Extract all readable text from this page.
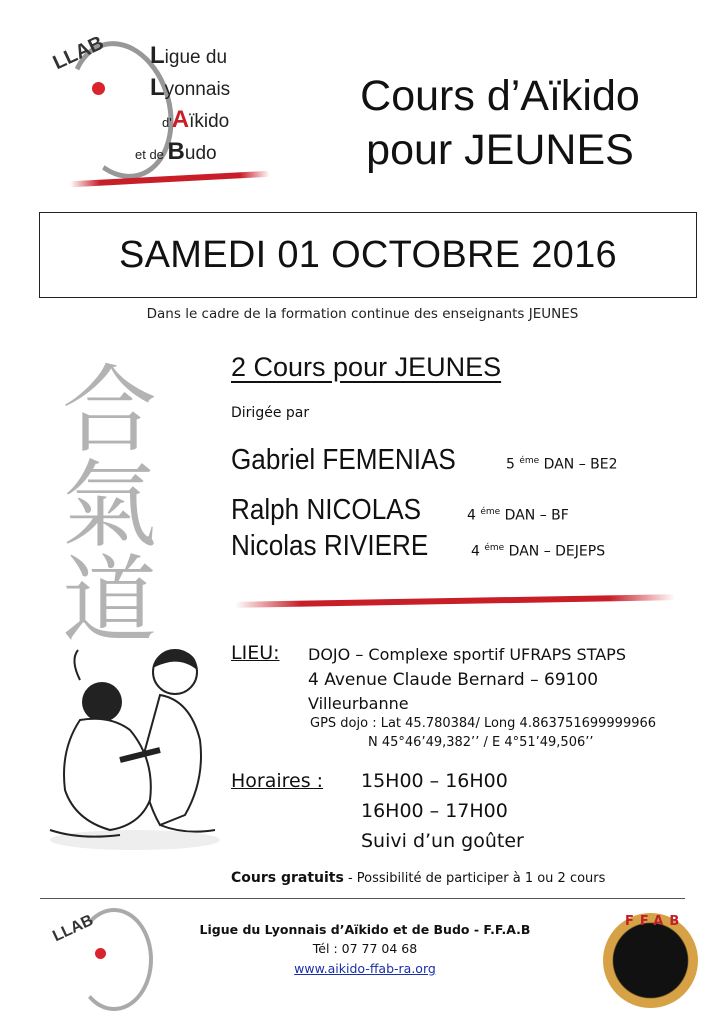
LLAB Ligue du
Lyonnais
d'Aïkido
et de Budo
Cours d’Aïkido
pour JEUNES
SAMEDI 01 OCTOBRE 2016
Dans le cadre de la formation continue des enseignants JEUNES
合
氣
道
2 Cours pour JEUNES
Dirigée par
Gabriel FEMENIAS	5 $^{éme}$ DAN – BE2
Ralph NICOLAS	4 $^{éme}$ DAN – BF
Nicolas RIVIERE	4 $^{éme}$ DAN – DEJEPS
LIEU: DOJO – Complexe sportif UFRAPS STAPS
4 Avenue Claude Bernard – 69100
Villeurbanne
GPS dojo : Lat 45.780384/ Long 4.863751699999966
N 45°46’49,382’’ / E 4°51’49,506’’
Horaires : 15H00 – 16H00
16H00 – 17H00
Suivi d’un goûter
Cours gratuits - Possibilité de participer à 1 ou 2 cours
LLAB	Ligue du Lyonnais d’Aïkido et de Budo - F.F.A.B
Tél : 07 77 04 68
www.aikido-ffab-ra.org
FFAB
